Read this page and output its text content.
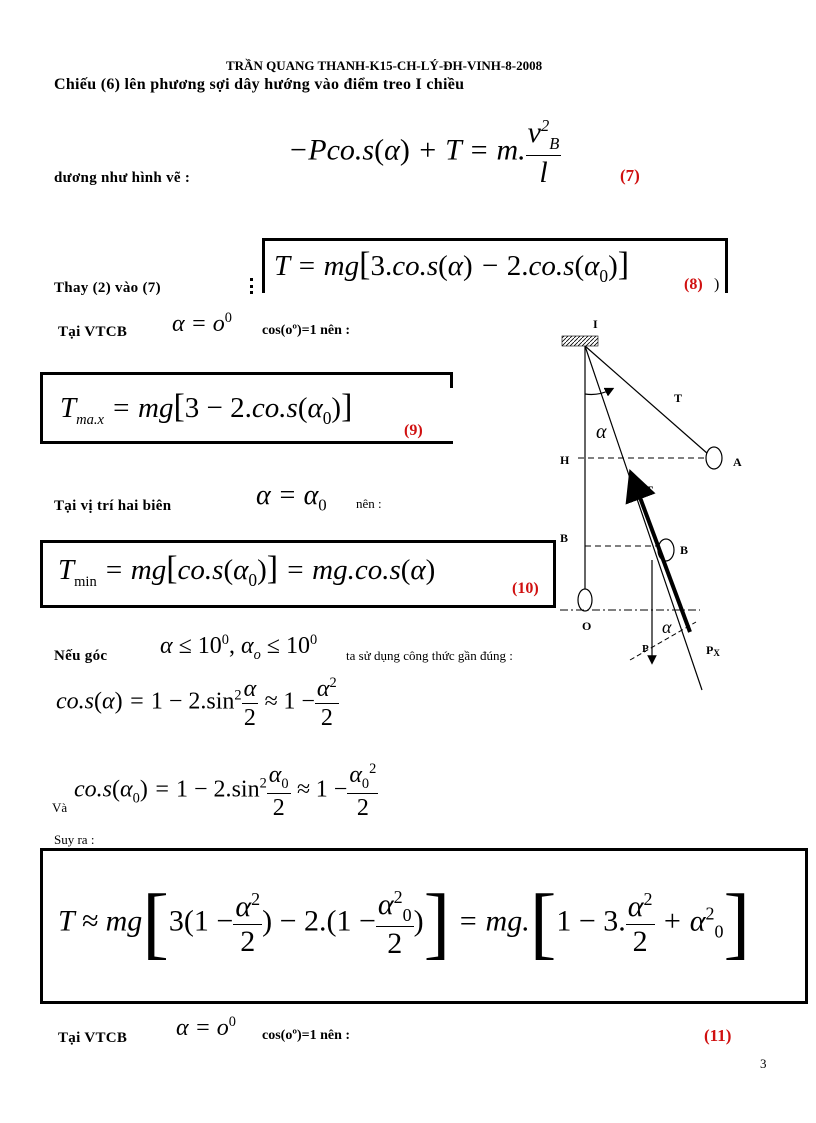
TRẦN QUANG THANH-K15-CH-LÝ-ĐH-VINH-8-2008
Chiếu (6) lên phương sợi dây hướng vào điểm treo I chiều
−Pco.s(α) + T = m. $\frac{v^2_B}{l}$
dương như hình vẽ :	(7)
Thay (2) vào (7)
$T = mg[3.co.s(\alpha) - 2.co.s(\alpha_0)]$
(8) )
Tại VTCB $\alpha = o^0$
cos(oº)=1 nên :
$T_{ma.x} = mg[3 - 2.co.s(\alpha_0)]$
(9)
Tại vị trí hai biên	$\alpha = \alpha_0$ nên :
$T_{min} = mg[co.s(\alpha_0)] = mg.co.s(\alpha)$
(10)
Nếu góc $\alpha \le 10^0$, $\alpha_o \le 10^0$
ta sử dụng công thức gần đúng :
$co.s(\alpha) = 1 - 2.\sin^2 \frac{\alpha}{2} \approx 1 - \frac{\alpha^2}{2}$
Và
$co.s(\alpha_0) = 1 - 2.\sin^2 \frac{\alpha_0}{2} \approx 1 - \frac{\alpha_0^2}{2}$
Suy ra :
$T \approx mg[3(1 - \frac{\alpha^2}{2}$ ) − $2.(1 - \frac{\alpha^2_0}{2}$ )] = mg.[1 − 3. $\frac{\alpha^2}{2} + \alpha^2_0$]
Tại VTCB $\alpha = o^0$
cos(oº)=1 nên :	(11)
3
I
T
A
H
B
B
T
α
O
P
α
PX
